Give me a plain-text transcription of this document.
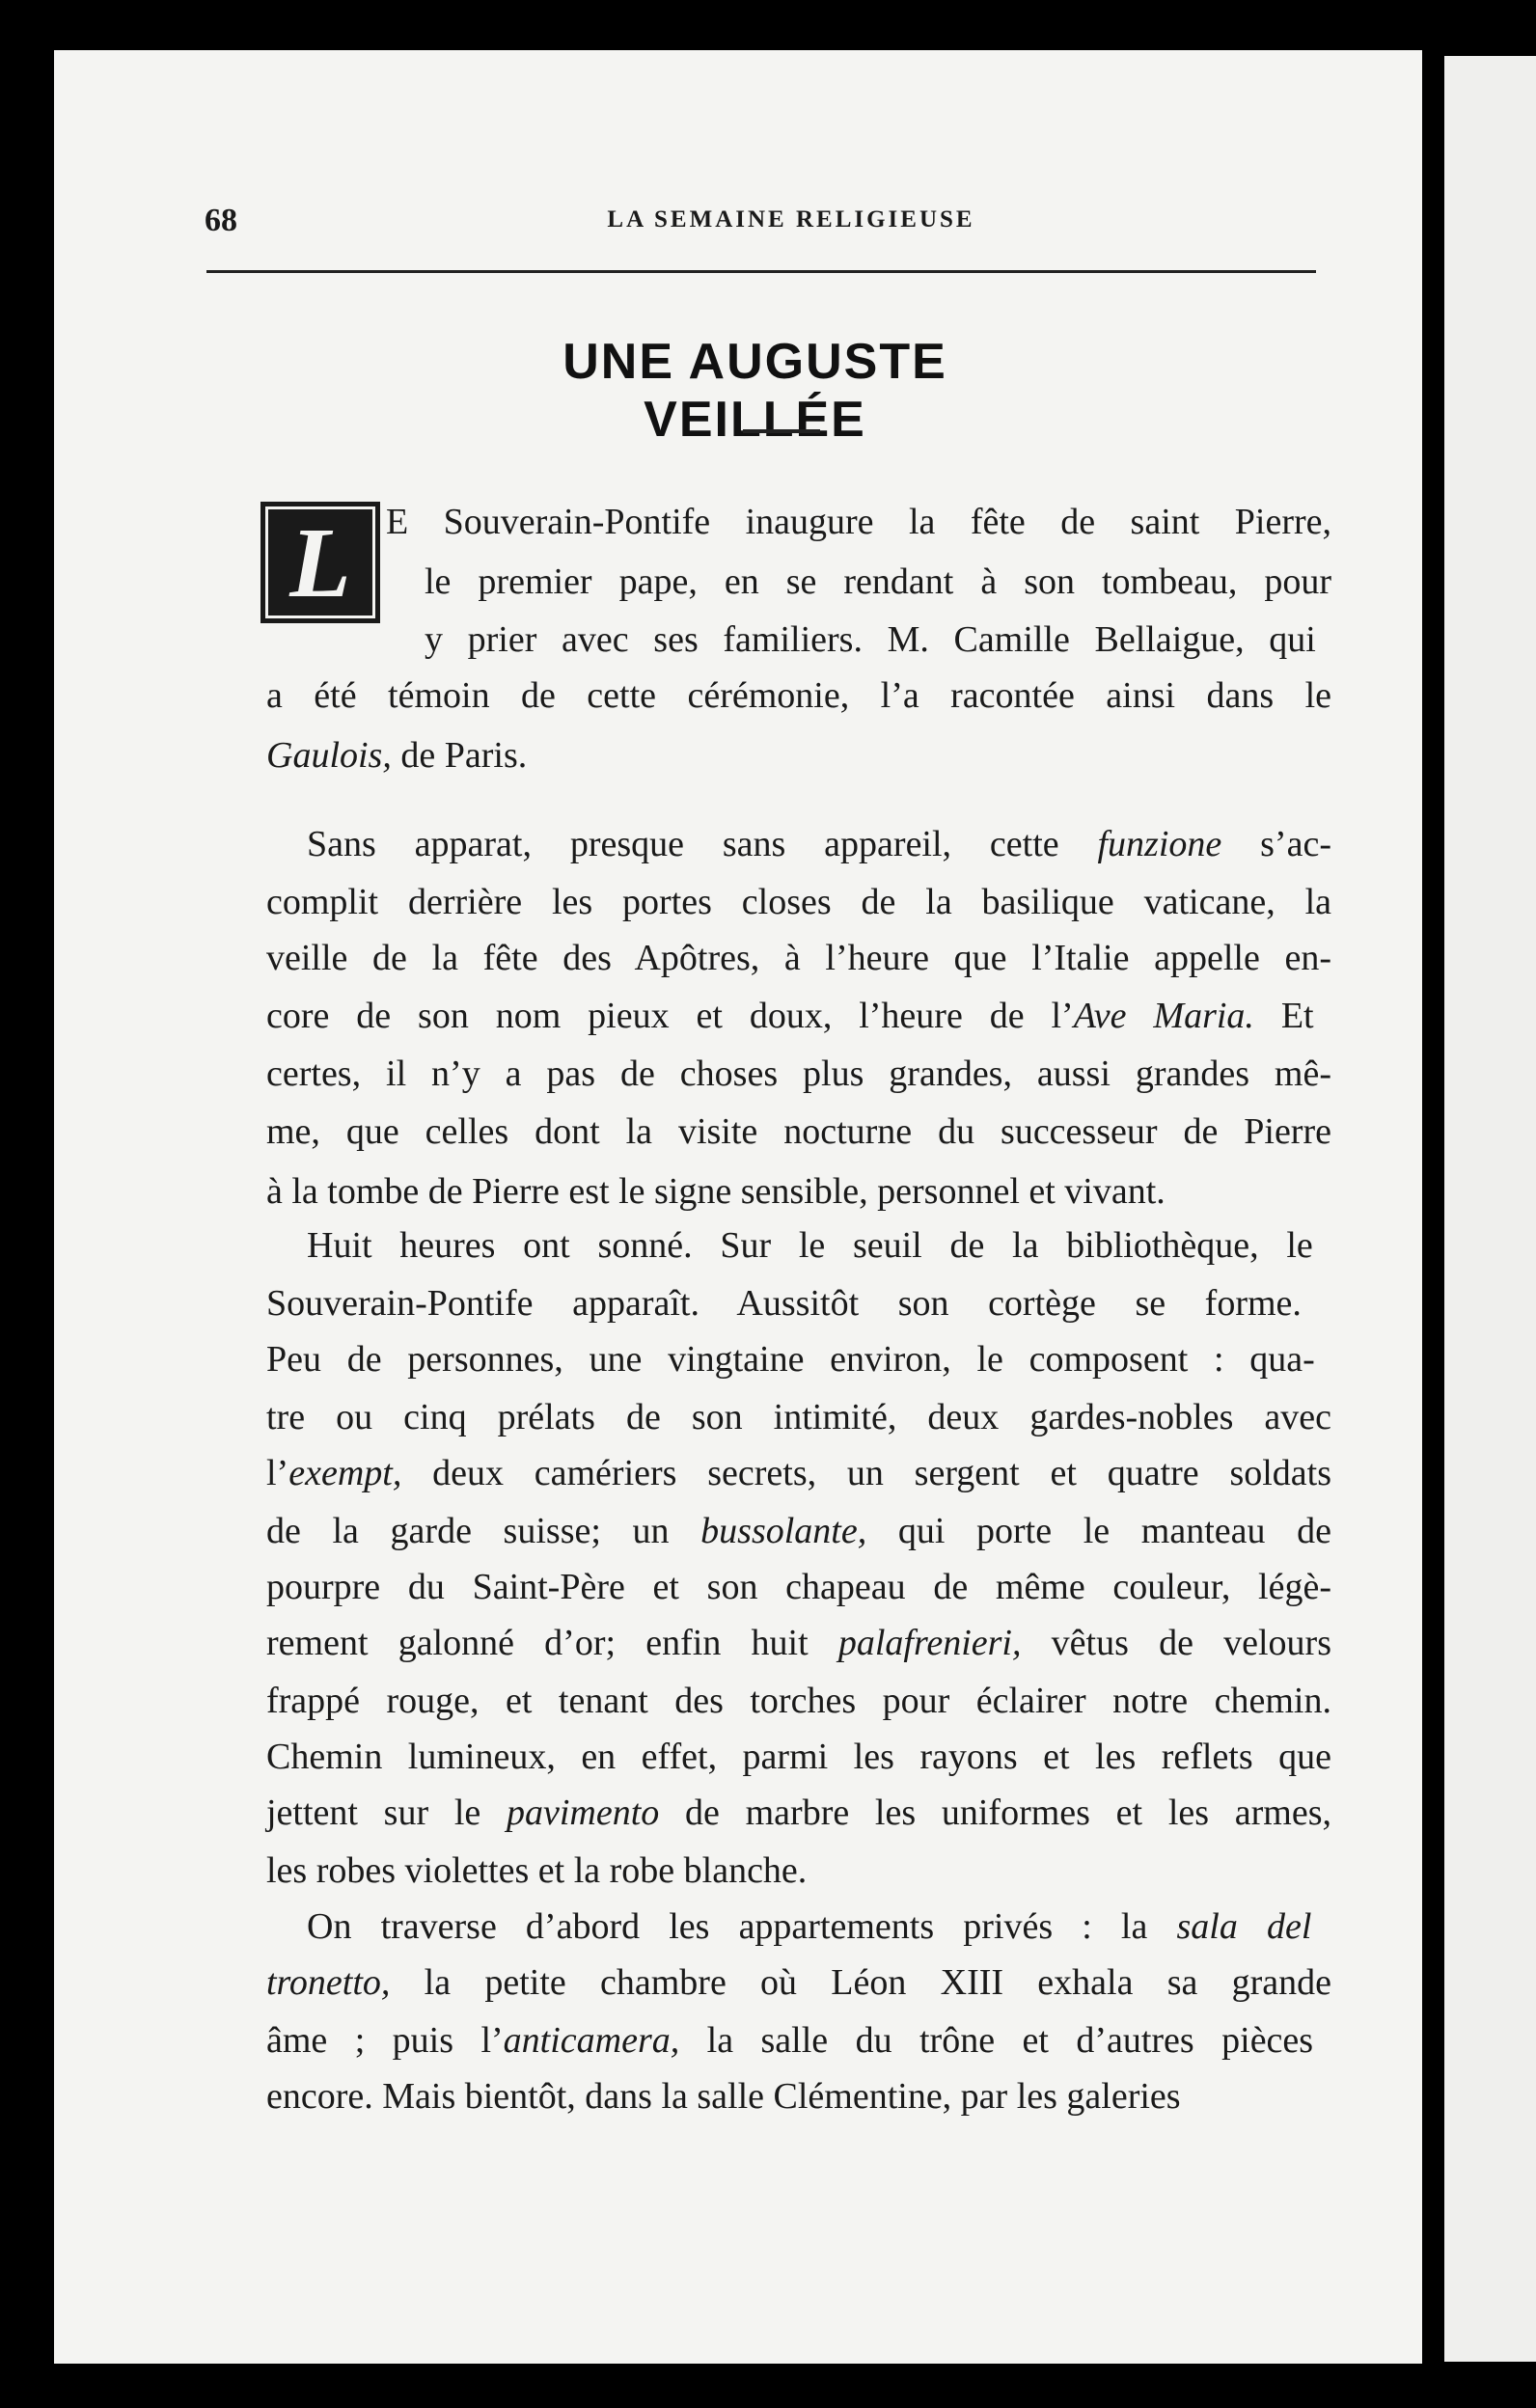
68	LA SEMAINE RELIGIEUSE
UNE AUGUSTE VEILLÉE
L E Souverain-Pontife inaugure la fête de saint Pierre,
le premier pape, en se rendant à son tombeau, pour
y prier avec ses familiers. M. Camille Bellaigue, qui
a été témoin de cette cérémonie, l’a racontée ainsi dans le
Gaulois, de Paris.
Sans apparat, presque sans appareil, cette funzione s’ac-
complit derrière les portes closes de la basilique vaticane, la
veille de la fête des Apôtres, à l’heure que l’Italie appelle en-
core de son nom pieux et doux, l’heure de l’Ave Maria. Et
certes, il n’y a pas de choses plus grandes, aussi grandes mê-
me, que celles dont la visite nocturne du successeur de Pierre
à la tombe de Pierre est le signe sensible, personnel et vivant.
Huit heures ont sonné. Sur le seuil de la bibliothèque, le
Souverain-Pontife apparaît. Aussitôt son cortège se forme.
Peu de personnes, une vingtaine environ, le composent : qua-
tre ou cinq prélats de son intimité, deux gardes-nobles avec
l’exempt, deux camériers secrets, un sergent et quatre soldats
de la garde suisse; un bussolante, qui porte le manteau de
pourpre du Saint-Père et son chapeau de même couleur, légè-
rement galonné d’or; enfin huit palafrenieri, vêtus de velours
frappé rouge, et tenant des torches pour éclairer notre chemin.
Chemin lumineux, en effet, parmi les rayons et les reflets que
jettent sur le pavimento de marbre les uniformes et les armes,
les robes violettes et la robe blanche.
On traverse d’abord les appartements privés : la sala del
tronetto, la petite chambre où Léon XIII exhala sa grande
âme ; puis l’anticamera, la salle du trône et d’autres pièces
encore. Mais bientôt, dans la salle Clémentine, par les galeries
